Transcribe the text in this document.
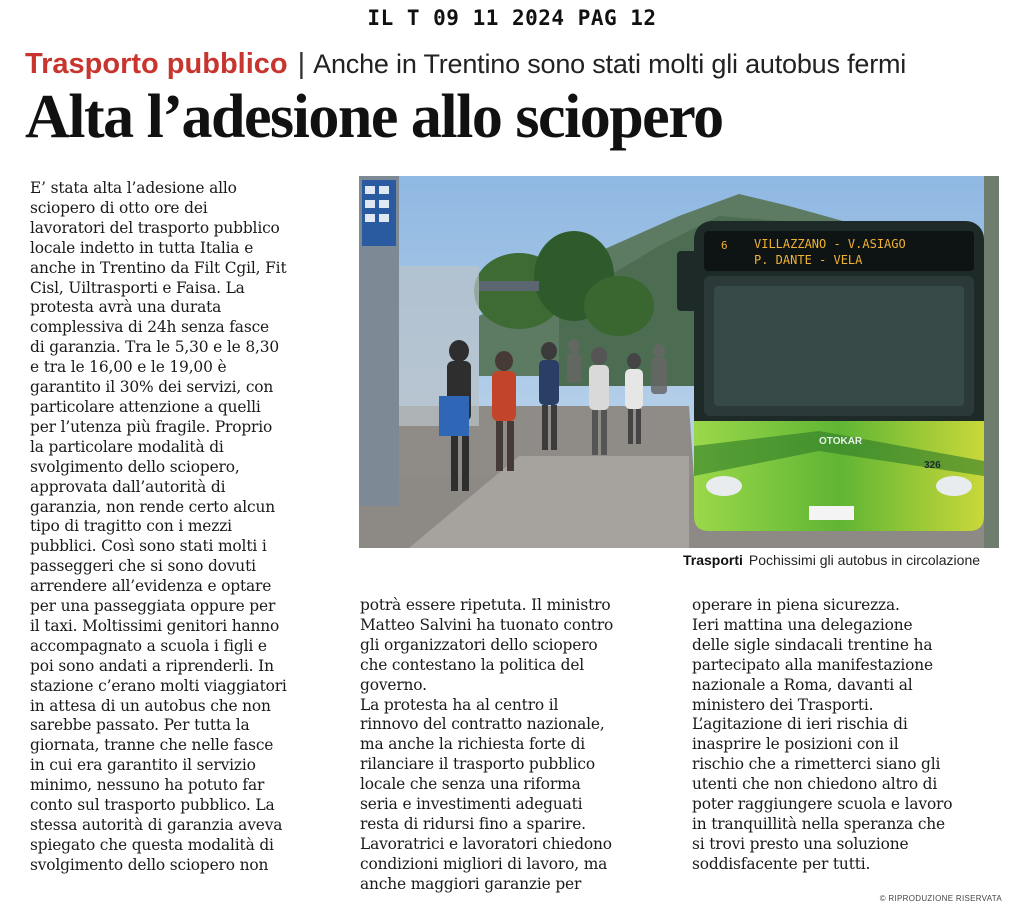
IL T 09 11 2024 PAG 12
Trasporto pubblico | Anche in Trentino sono stati molti gli autobus fermi
Alta l’adesione allo sciopero
E’ stata alta l’adesione allo
sciopero di otto ore dei
lavoratori del trasporto pubblico
locale indetto in tutta Italia e
anche in Trentino da Filt Cgil, Fit
Cisl, Uiltrasporti e Faisa. La
protesta avrà una durata
complessiva di 24h senza fasce
di garanzia. Tra le 5,30 e le 8,30
e tra le 16,00 e le 19,00 è
garantito il 30% dei servizi, con
particolare attenzione a quelli
per l’utenza più fragile. Proprio
la particolare modalità di
svolgimento dello sciopero,
approvata dall’autorità di
garanzia, non rende certo alcun
tipo di tragitto con i mezzi
pubblici. Così sono stati molti i
passeggeri che si sono dovuti
arrendere all’evidenza e optare
per una passeggiata oppure per
il taxi. Moltissimi genitori hanno
accompagnato a scuola i figli e
poi sono andati a riprenderli. In
stazione c’erano molti viaggiatori
in attesa di un autobus che non
sarebbe passato. Per tutta la
giornata, tranne che nelle fasce
in cui era garantito il servizio
minimo, nessuno ha potuto far
conto sul trasporto pubblico. La
stessa autorità di garanzia aveva
spiegato che questa modalità di
svolgimento dello sciopero non
potrà essere ripetuta. Il ministro
Matteo Salvini ha tuonato contro
gli organizzatori dello sciopero
che contestano la politica del
governo.
La protesta ha al centro il
rinnovo del contratto nazionale,
ma anche la richiesta forte di
rilanciare il trasporto pubblico
locale che senza una riforma
seria e investimenti adeguati
resta di ridursi fino a sparire.
Lavoratrici e lavoratori chiedono
condizioni migliori di lavoro, ma
anche maggiori garanzie per
operare in piena sicurezza.
Ieri mattina una delegazione
delle sigle sindacali trentine ha
partecipato alla manifestazione
nazionale a Roma, davanti al
ministero dei Trasporti.
L’agitazione di ieri rischia di
inasprire le posizioni con il
rischio che a rimetterci siano gli
utenti che non chiedono altro di
poter raggiungere scuola e lavoro
in tranquillità nella speranza che
si trovi presto una soluzione
soddisfacente per tutti.
6 VILLAZZANO - V.ASIAGO
P. DANTE - VELA
OTOKAR
326
Trasporti Pochissimi gli autobus in circolazione
© RIPRODUZIONE RISERVATA
